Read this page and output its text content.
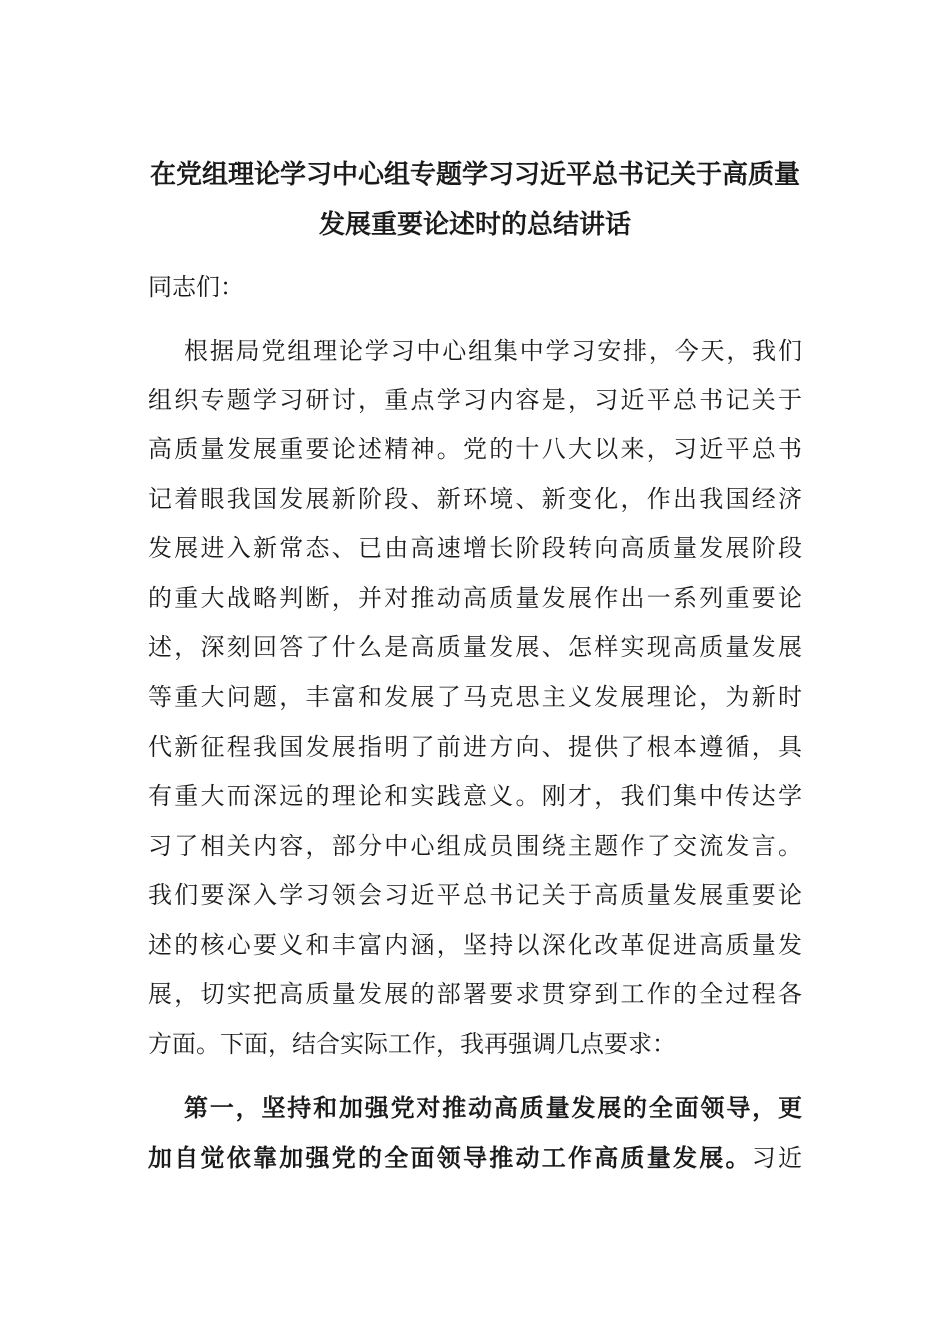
在党组理论学习中心组专题学习习近平总书记关于高质量
发展重要论述时的总结讲话
同志们：
根据局党组理论学习中心组集中学习安排，今天，我们
组织专题学习研讨，重点学习内容是，习近平总书记关于
高质量发展重要论述精神。党的十八大以来，习近平总书
记着眼我国发展新阶段、新环境、新变化，作出我国经济
发展进入新常态、已由高速增长阶段转向高质量发展阶段
的重大战略判断，并对推动高质量发展作出一系列重要论
述，深刻回答了什么是高质量发展、怎样实现高质量发展
等重大问题，丰富和发展了马克思主义发展理论，为新时
代新征程我国发展指明了前进方向、提供了根本遵循，具
有重大而深远的理论和实践意义。刚才，我们集中传达学
习了相关内容，部分中心组成员围绕主题作了交流发言。
我们要深入学习领会习近平总书记关于高质量发展重要论
述的核心要义和丰富内涵，坚持以深化改革促进高质量发
展，切实把高质量发展的部署要求贯穿到工作的全过程各
方面。下面，结合实际工作，我再强调几点要求：
第一，坚持和加强党对推动高质量发展的全面领导，更
加自觉依靠加强党的全面领导推动工作高质量发展。习近
